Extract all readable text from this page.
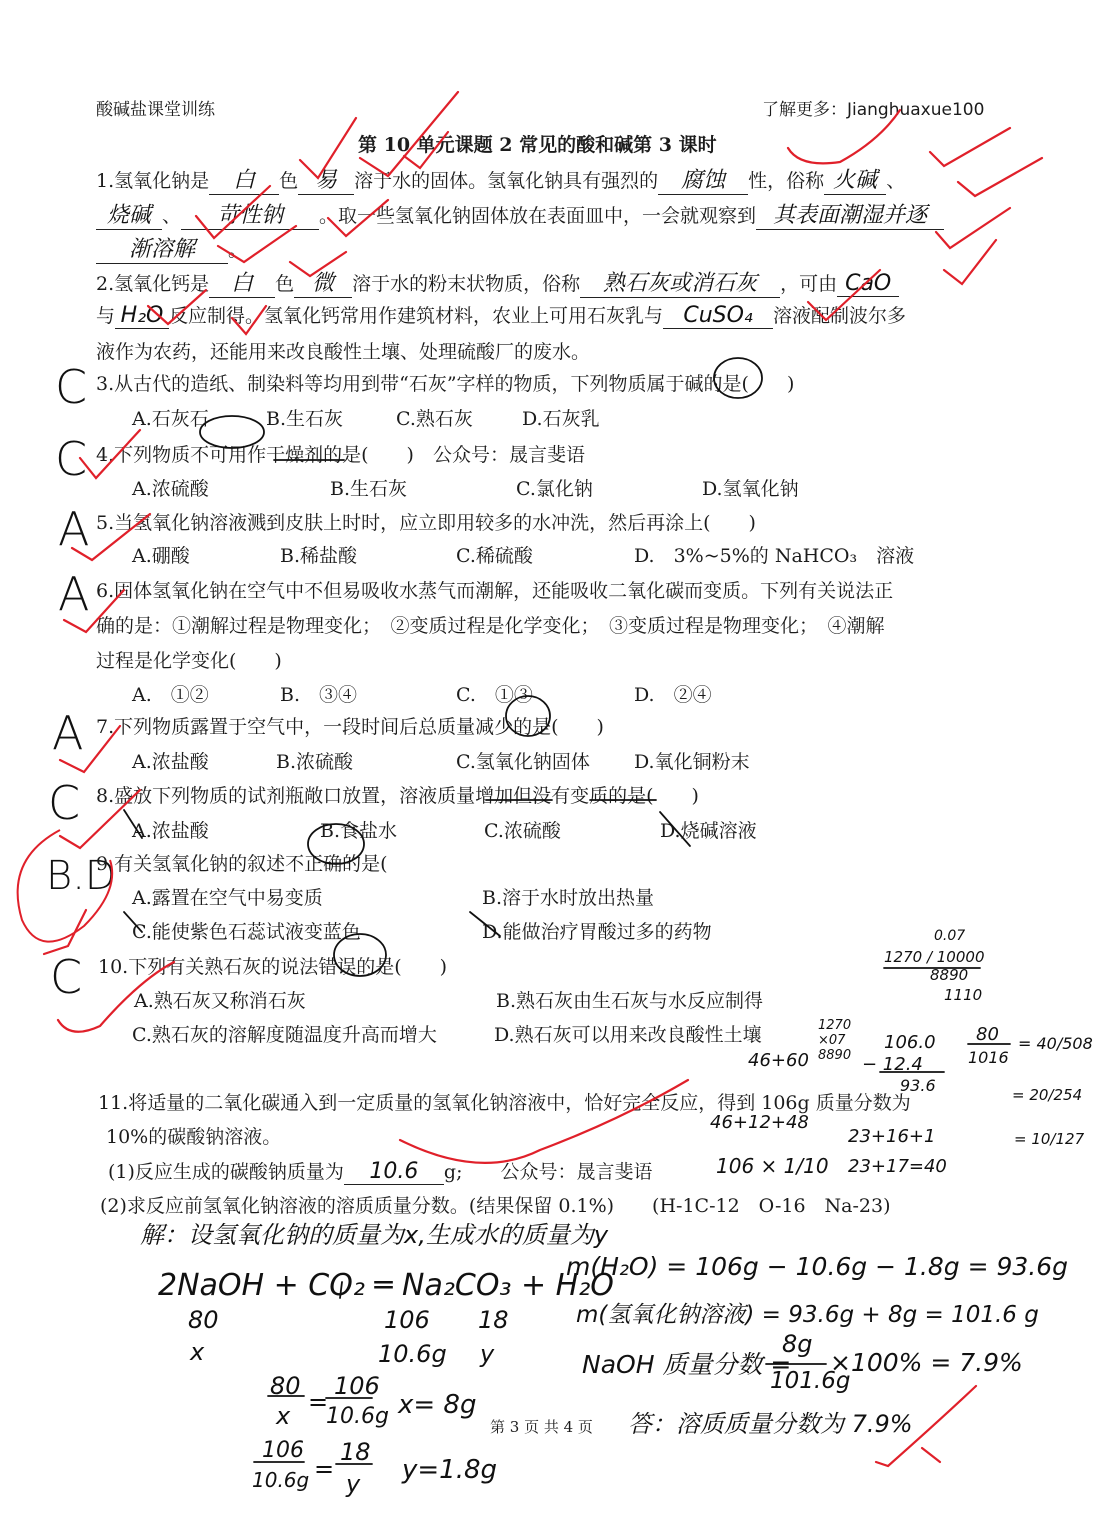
酸碱盐课堂训练	了解更多：Jianghuaxue100
第 10 单元课题 2 常见的酸和碱第 3 课时
1.氢氧化钠是 白 色 易 溶于水的固体。氢氧化钠具有强烈的 腐蚀 性，俗称 火碱 、
烧碱 、 苛性钠 。取一些氢氧化钠固体放在表面皿中，一会就观察到 其表面潮湿并逐
渐溶解 。
2.氢氧化钙是 白 色 微 溶于水的粉末状物质，俗称 熟石灰或消石灰 ，可由 CaO
与 H₂O 反应制得。氢氧化钙常用作建筑材料，农业上可用石灰乳与 CuSO₄ 溶液配制波尔多
液作为农药，还能用来改良酸性土壤、处理硫酸厂的废水。
C 3.从古代的造纸、制染料等均用到带“石灰”字样的物质，下列物质属于碱的是(　　)
A.石灰石	B.生石灰	C.熟石灰	D.石灰乳
C 4.下列物质不可用作干燥剂的是(　　)　公众号：晟言斐语
A.浓硫酸	B.生石灰	C.氯化钠	D.氢氧化钠
A 5.当氢氧化钠溶液溅到皮肤上时时，应立即用较多的水冲洗，然后再涂上(　　)
A.硼酸	B.稀盐酸	C.稀硫酸	D.　3%~5%的 NaHCO₃　溶液
A 6.固体氢氧化钠在空气中不但易吸收水蒸气而潮解，还能吸收二氧化碳而变质。下列有关说法正
确的是：①潮解过程是物理变化；　②变质过程是化学变化；　③变质过程是物理变化；　④潮解
过程是化学变化(　　)
A.　①②	B.　③④	C.　①③	D.　②④
A 7.下列物质露置于空气中，一段时间后总质量减少的是(　　)
A.浓盐酸	B.浓硫酸	C.氢氧化钠固体 D.氧化铜粉末
C 8.盛放下列物质的试剂瓶敞口放置，溶液质量增加但没有变质的是(　　)
A.浓盐酸	B.食盐水	C.浓硫酸	D.烧碱溶液
B.D
9.有关氢氧化钠的叙述不正确的是(
A.露置在空气中易变质	B.溶于水时放出热量
C.能使紫色石蕊试液变蓝色	D.能做治疗胃酸过多的药物
C 10.下列有关熟石灰的说法错误的是(　　)
A.熟石灰又称消石灰	B.熟石灰由生石灰与水反应制得
C.熟石灰的溶解度随温度升高而增大	D.熟石灰可以用来改良酸性土壤
11.将适量的二氧化碳通入到一定质量的氢氧化钠溶液中，恰好完全反应，得到 106g 质量分数为
10%的碳酸钠溶液。
(1)反应生成的碳酸钠质量为 10.6 g;　　公众号：晟言斐语
(2)求反应前氢氧化钠溶液的溶质质量分数。(结果保留 0.1%)　　(H-1C-12　O-16　Na-23)
解：设氢氧化钠的质量为x,生成水的质量为y
2NaOH + CO₂ ═ Na₂CO₃ + H₂O
80	106 18
x	10.6g y
80
x =
106
10.6g x= 8g
106
10.6g =
18
y y=1.8g
m(H₂O) = 106g − 10.6g − 1.8g = 93.6g
m(氢氧化钠溶液) = 93.6g + 8g = 101.6 g
NaOH 质量分数 =
8g
101.6g
×100% = 7.9%
答：溶质质量分数为 7.9%
0.07
1270 / 10000
8890
1110
1270
×07
8890
46+60
106.0
− 12.4
93.6
80
1016
= 40/508
46+12+48
23+16+1
23+17=40
106 × 1/10
= 20/254
= 10/127
第 3 页 共 4 页
